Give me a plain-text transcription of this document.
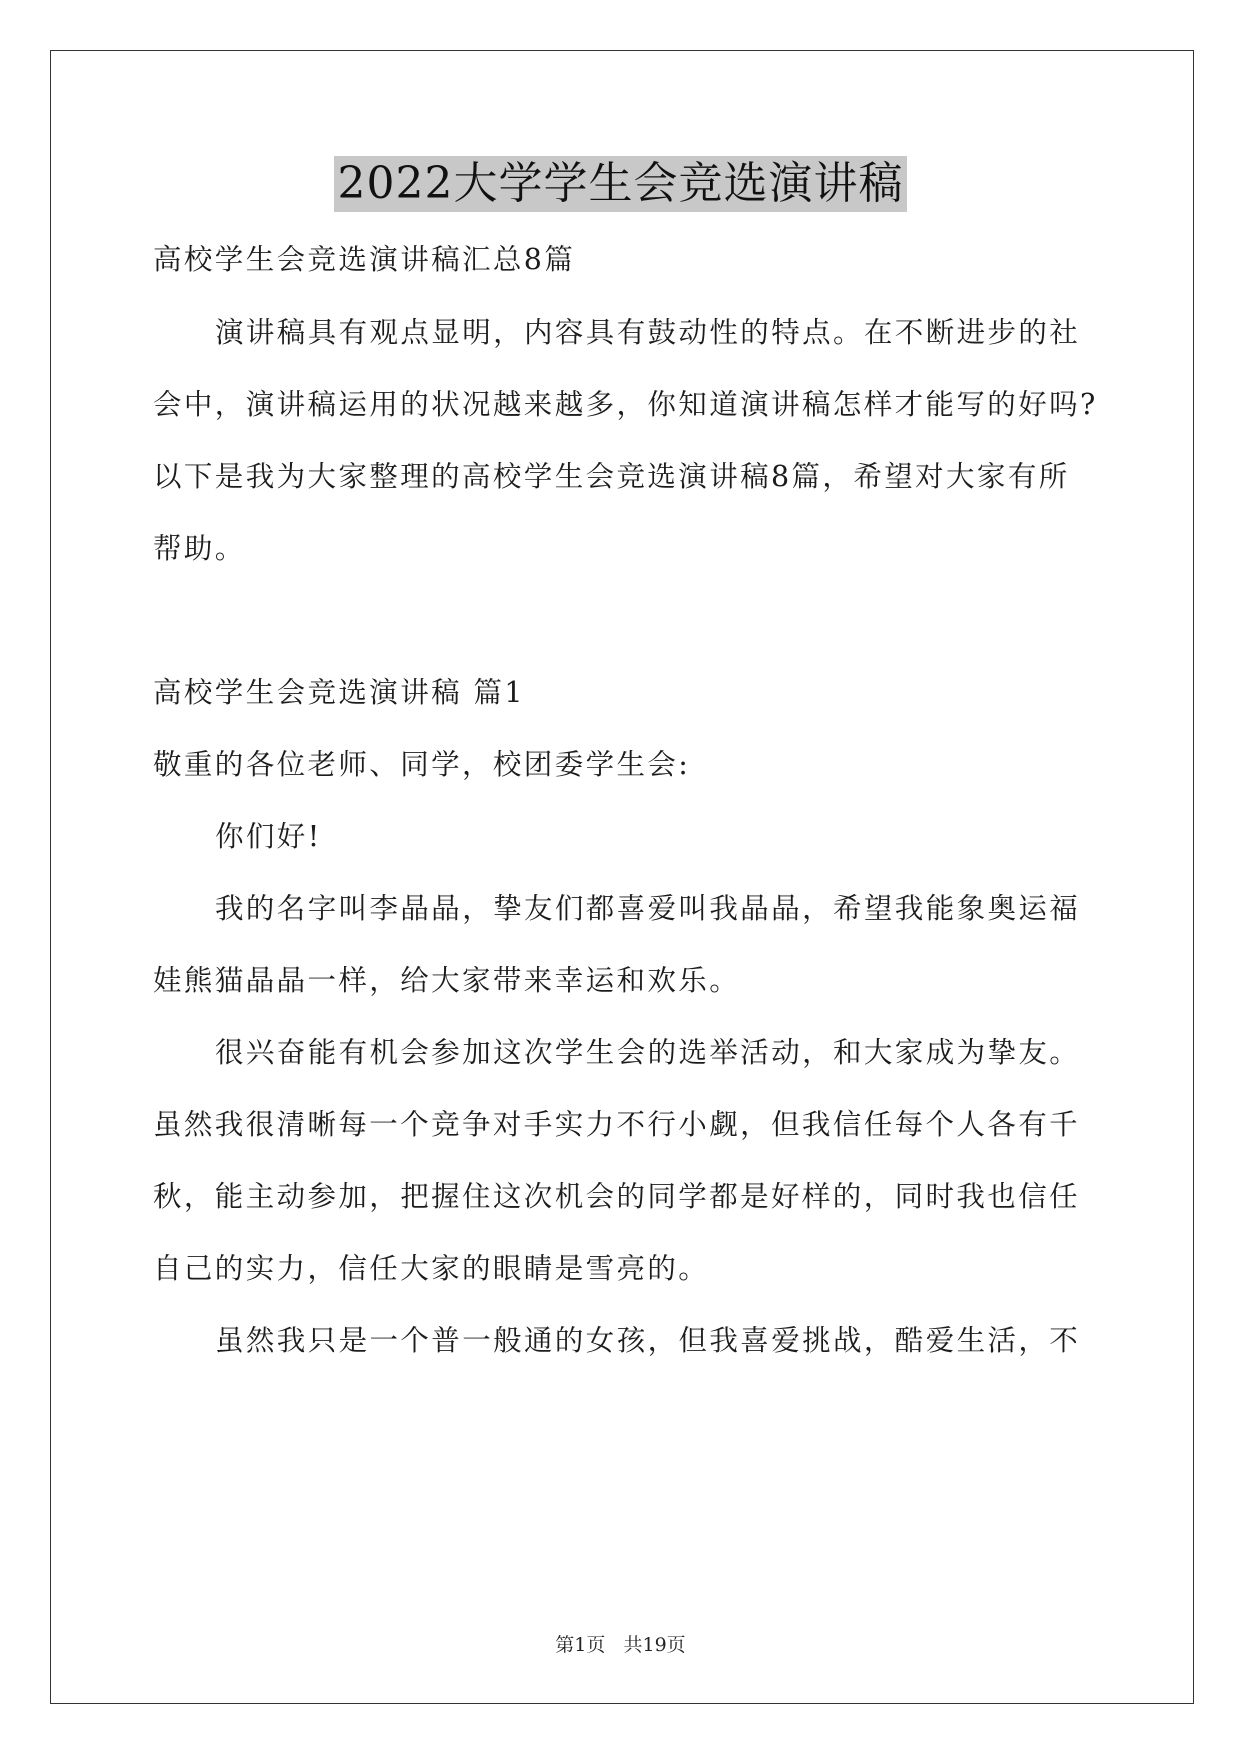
2022大学学生会竞选演讲稿
高校学生会竞选演讲稿汇总8篇
演讲稿具有观点显明，内容具有鼓动性的特点。在不断进步的社
会中，演讲稿运用的状况越来越多，你知道演讲稿怎样才能写的好吗?
以下是我为大家整理的高校学生会竞选演讲稿8篇，希望对大家有所
帮助。
高校学生会竞选演讲稿 篇1
敬重的各位老师、同学，校团委学生会:
你们好!
我的名字叫李晶晶，挚友们都喜爱叫我晶晶，希望我能象奥运福
娃熊猫晶晶一样，给大家带来幸运和欢乐。
很兴奋能有机会参加这次学生会的选举活动，和大家成为挚友。
虽然我很清晰每一个竞争对手实力不行小觑，但我信任每个人各有千
秋，能主动参加，把握住这次机会的同学都是好样的，同时我也信任
自己的实力，信任大家的眼睛是雪亮的。
虽然我只是一个普一般通的女孩，但我喜爱挑战，酷爱生活，不
第1页   共19页
